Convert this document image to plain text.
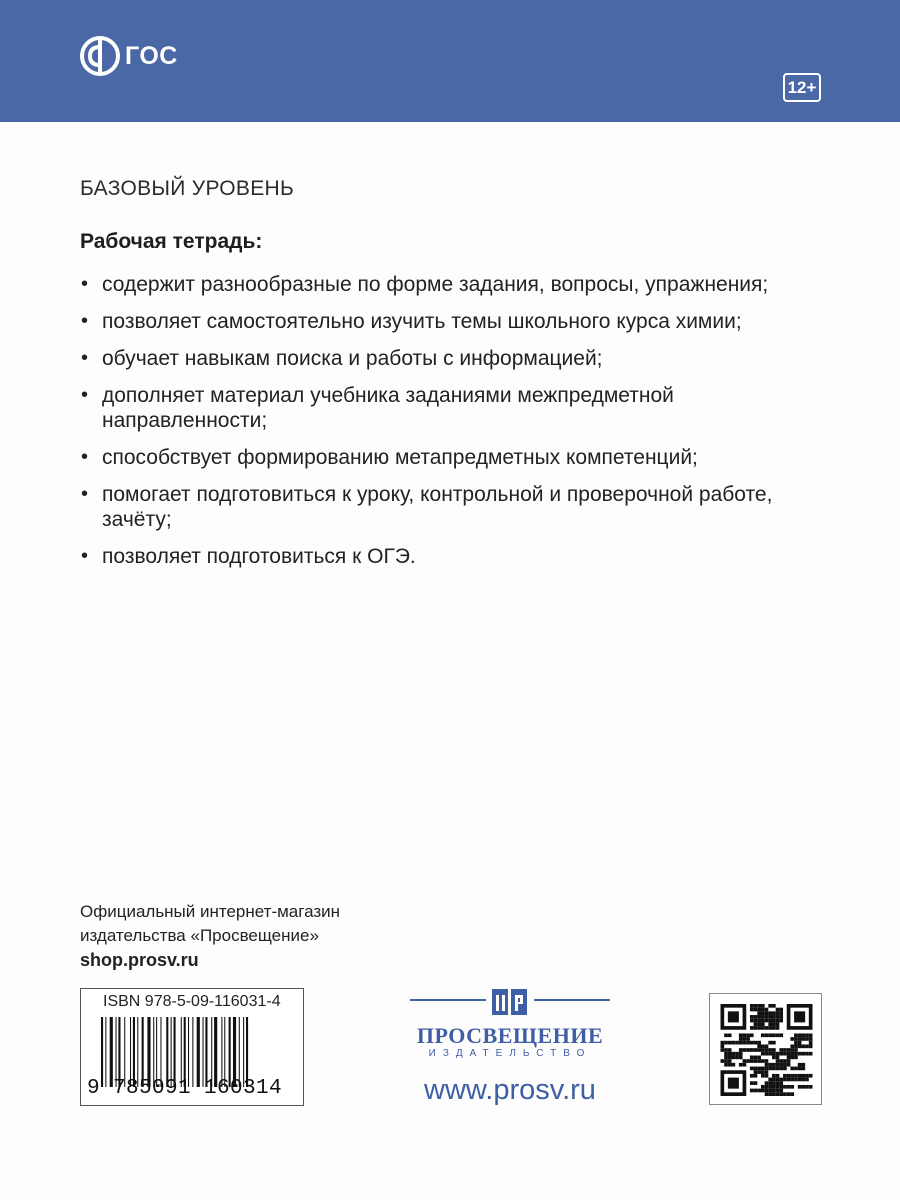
ГОС
12+
БАЗОВЫЙ УРОВЕНЬ
Рабочая тетрадь:
• содержит разнообразные по форме задания, вопросы, упражнения;
• позволяет самостоятельно изучить темы школьного курса химии;
• обучает навыкам поиска и работы с информацией;
• дополняет материал учебника заданиями межпредметной направленности;
• способствует формированию метапредметных компетенций;
• помогает подготовиться к уроку, контрольной и проверочной работе, зачёту;
• позволяет подготовиться к ОГЭ.
Официальный интернет-магазин
издательства «Просвещение»
shop.prosv.ru
ISBN 978-5-09-116031-4
9 785091 160314
ПРОСВЕЩЕНИЕ
ИЗДАТЕЛЬСТВО
www.prosv.ru
